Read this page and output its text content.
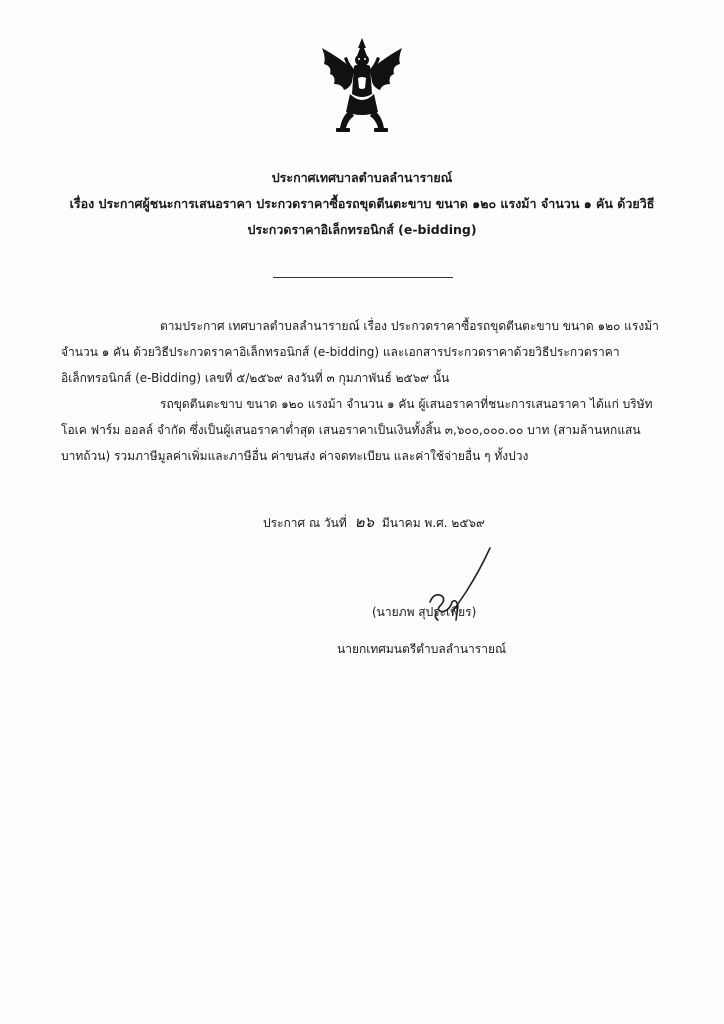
ประกาศเทศบาลตำบลลำนารายณ์
เรื่อง ประกาศผู้ชนะการเสนอราคา ประกวดราคาซื้อรถขุดตีนตะขาบ ขนาด ๑๒๐ แรงม้า จำนวน ๑ คัน ด้วยวิธี
ประกวดราคาอิเล็กทรอนิกส์ (e-bidding)
ตามประกาศ เทศบาลตำบลลำนารายณ์ เรื่อง ประกวดราคาซื้อรถขุดตีนตะขาบ ขนาด ๑๒๐ แรงม้า
จำนวน ๑ คัน ด้วยวิธีประกวดราคาอิเล็กทรอนิกส์ (e-bidding) และเอกสารประกวดราคาด้วยวิธีประกวดราคา
อิเล็กทรอนิกส์ (e-Bidding) เลขที่ ๕/๒๕๖๙ ลงวันที่ ๓ กุมภาพันธ์ ๒๕๖๙ นั้น
รถขุดตีนตะขาบ ขนาด ๑๒๐ แรงม้า จำนวน ๑ คัน ผู้เสนอราคาที่ชนะการเสนอราคา ได้แก่ บริษัท
โอเค ฟาร์ม ออลล์ จำกัด ซึ่งเป็นผู้เสนอราคาต่ำสุด เสนอราคาเป็นเงินทั้งสิ้น ๓,๖๐๐,๐๐๐.๐๐ บาท (สามล้านหกแสน
บาทถ้วน) รวมภาษีมูลค่าเพิ่มและภาษีอื่น ค่าขนส่ง ค่าจดทะเบียน และค่าใช้จ่ายอื่น ๆ ทั้งปวง
ประกาศ ณ วันที่ ๒๖ มีนาคม พ.ศ. ๒๕๖๙
(นายภพ สุประเพียร)
นายกเทศมนตรีตำบลลำนารายณ์
